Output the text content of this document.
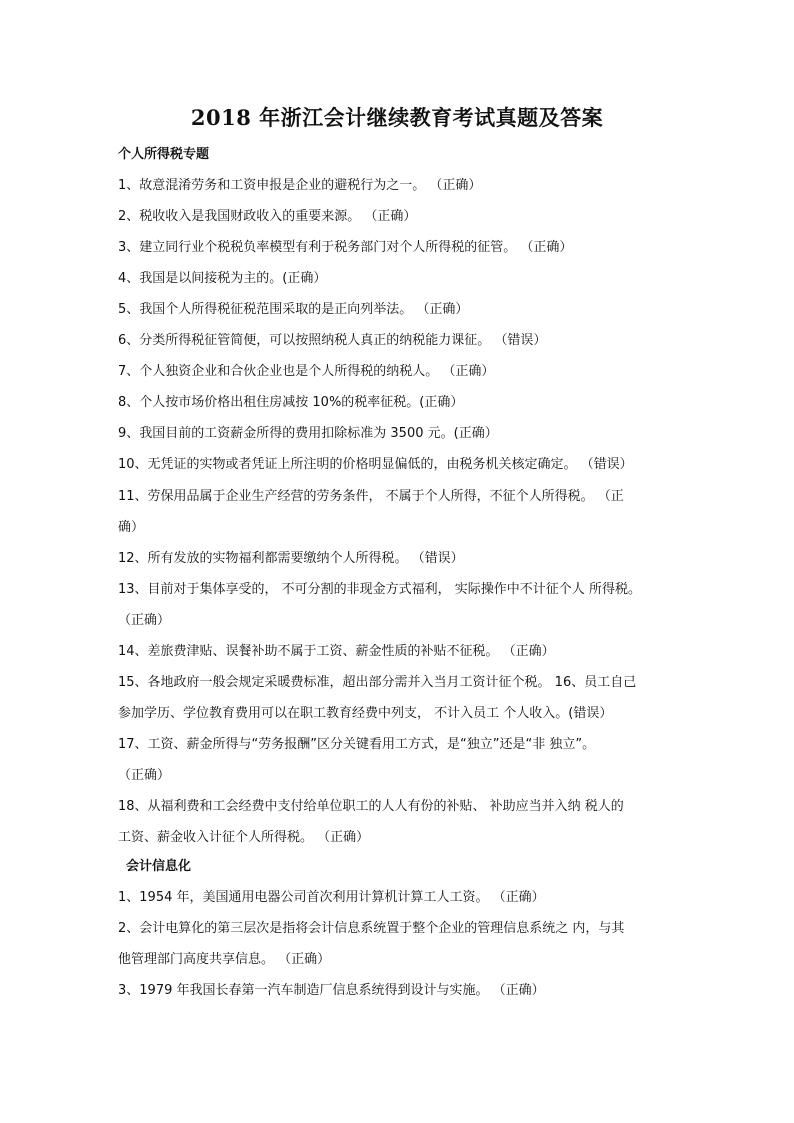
2018 年浙江会计继续教育考试真题及答案
个人所得税专题
1、故意混淆劳务和工资申报是企业的避税行为之一。 （正确）
2、税收收入是我国财政收入的重要来源。 （正确）
3、建立同行业个税税负率模型有利于税务部门对个人所得税的征管。 （正确）
4、我国是以间接税为主的。(正确）
5、我国个人所得税征税范围采取的是正向列举法。 （正确）
6、分类所得税征管简便，可以按照纳税人真正的纳税能力课征。 （错误）
7、个人独资企业和合伙企业也是个人所得税的纳税人。 （正确）
8、个人按市场价格出租住房减按 10%的税率征税。(正确）
9、我国目前的工资薪金所得的费用扣除标准为 3500 元。(正确）
10、无凭证的实物或者凭证上所注明的价格明显偏低的，由税务机关核定确定。 （错误）
11、劳保用品属于企业生产经营的劳务条件， 不属于个人所得，不征个人所得税。 （正
确）
12、所有发放的实物福利都需要缴纳个人所得税。 （错误）
13、目前对于集体享受的， 不可分割的非现金方式福利， 实际操作中不计征个人 所得税。
（正确）
14、差旅费津贴、误餐补助不属于工资、薪金性质的补贴不征税。 （正确）
15、各地政府一般会规定采暖费标准，超出部分需并入当月工资计征个税。 16、员工自己
参加学历、学位教育费用可以在职工教育经费中列支， 不计入员工 个人收入。(错误）
17、工资、薪金所得与“劳务报酬”区分关键看用工方式，是“独立”还是“非 独立”。
（正确）
18、从福利费和工会经费中支付给单位职工的人人有份的补贴、 补助应当并入纳 税人的
工资、薪金收入计征个人所得税。 （正确）
会计信息化
1、1954 年，美国通用电器公司首次利用计算机计算工人工资。 （正确）
2、会计电算化的第三层次是指将会计信息系统置于整个企业的管理信息系统之 内，与其
他管理部门高度共享信息。 （正确）
3、1979 年我国长春第一汽车制造厂信息系统得到设计与实施。 （正确）
